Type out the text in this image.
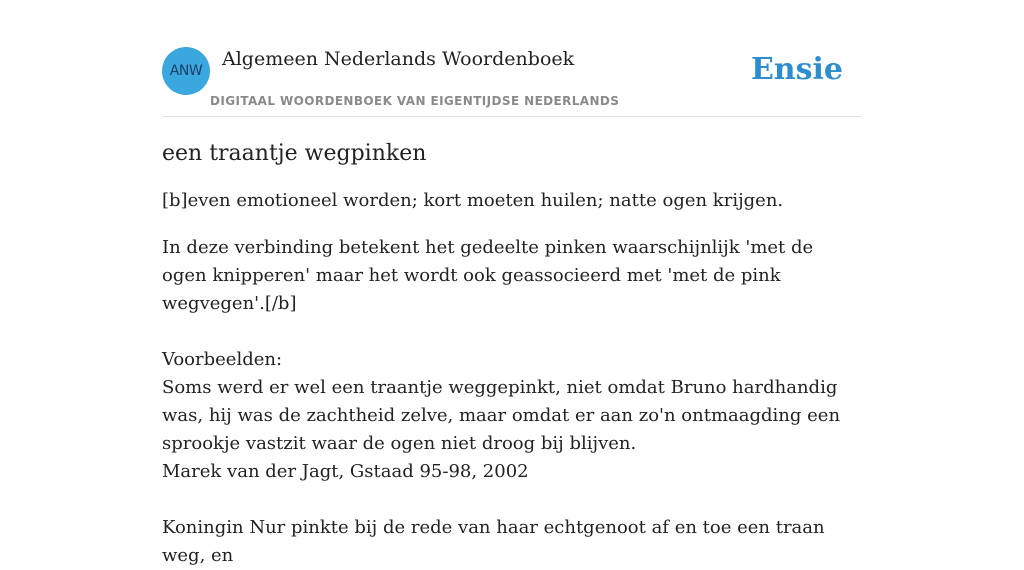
ANW
Algemeen Nederlands Woordenboek
DIGITAAL WOORDENBOEK VAN EIGENTIJDSE NEDERLANDS
Ensie
een traantje wegpinken

[b]even emotioneel worden; kort moeten huilen; natte ogen krijgen.

In deze verbinding betekent het gedeelte pinken waarschijnlijk 'met de ogen knipperen' maar het wordt ook geassocieerd met 'met de pink wegvegen'.[/b]
Voorbeelden:
Soms werd er wel een traantje weggepinkt, niet omdat Bruno hardhandig was, hij was de zachtheid zelve, maar omdat er aan zo'n ontmaagding een sprookje vastzit waar de ogen niet droog bij blijven.
Marek van der Jagt, Gstaad 95-98, 2002
Koningin Nur pinkte bij de rede van haar echtgenoot af en toe een traan weg, en
